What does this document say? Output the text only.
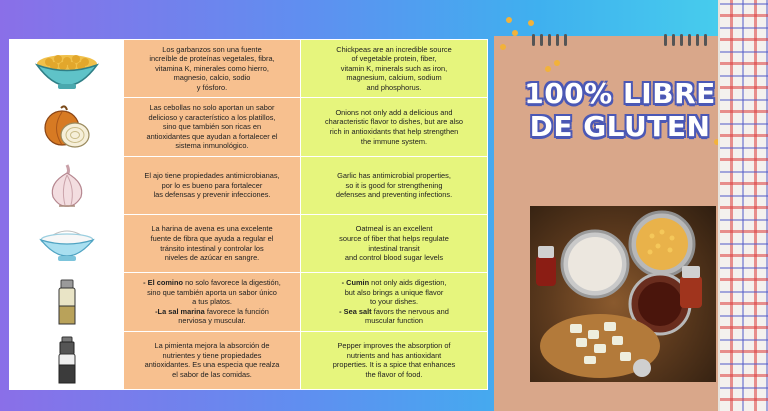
Los garbanzos son una fuente
increíble de proteínas vegetales, fibra,
vitamina K, minerales como hierro,
magnesio, calcio, sodio
y fósforo.
Chickpeas are an incredible source
of vegetable protein, fiber,
vitamin K, minerals such as iron,
magnesium, calcium, sodium
and phosphorus.
Las cebollas no solo aportan un sabor
delicioso y característico a los platillos,
sino que también son ricas en
antioxidantes que ayudan a fortalecer el
sistema inmunológico.
Onions not only add a delicious and
characteristic flavor to dishes, but are also
rich in antioxidants that help strengthen
the immune system.
El ajo tiene propiedades antimicrobianas,
por lo es bueno para fortalecer
las defensas y prevenir infecciones.
Garlic has antimicrobial properties,
so it is good for strengthening
defenses and preventing infections.
La harina de avena es una excelente
fuente de fibra que ayuda a regular el
tránsito intestinal y controlar los
niveles de azúcar en sangre.
Oatmeal is an excellent
source of fiber that helps regulate
intestinal transit
and control blood sugar levels
- El comino no solo favorece la digestión,
sino que también aporta un sabor único
a tus platos.
-La sal marina favorece la función
nerviosa y muscular.
- Cumin not only aids digestion,
but also brings a unique flavor
to your dishes.
- Sea salt favors the nervous and
muscular function
La pimienta mejora la absorción de
nutrientes y tiene propiedades
antioxidantes. Es una especia que realza
el sabor de las comidas.
Pepper improves the absorption of
nutrients and has antioxidant
properties. It is a spice that enhances
the flavor of food.
100% LIBRE DE GLUTEN
